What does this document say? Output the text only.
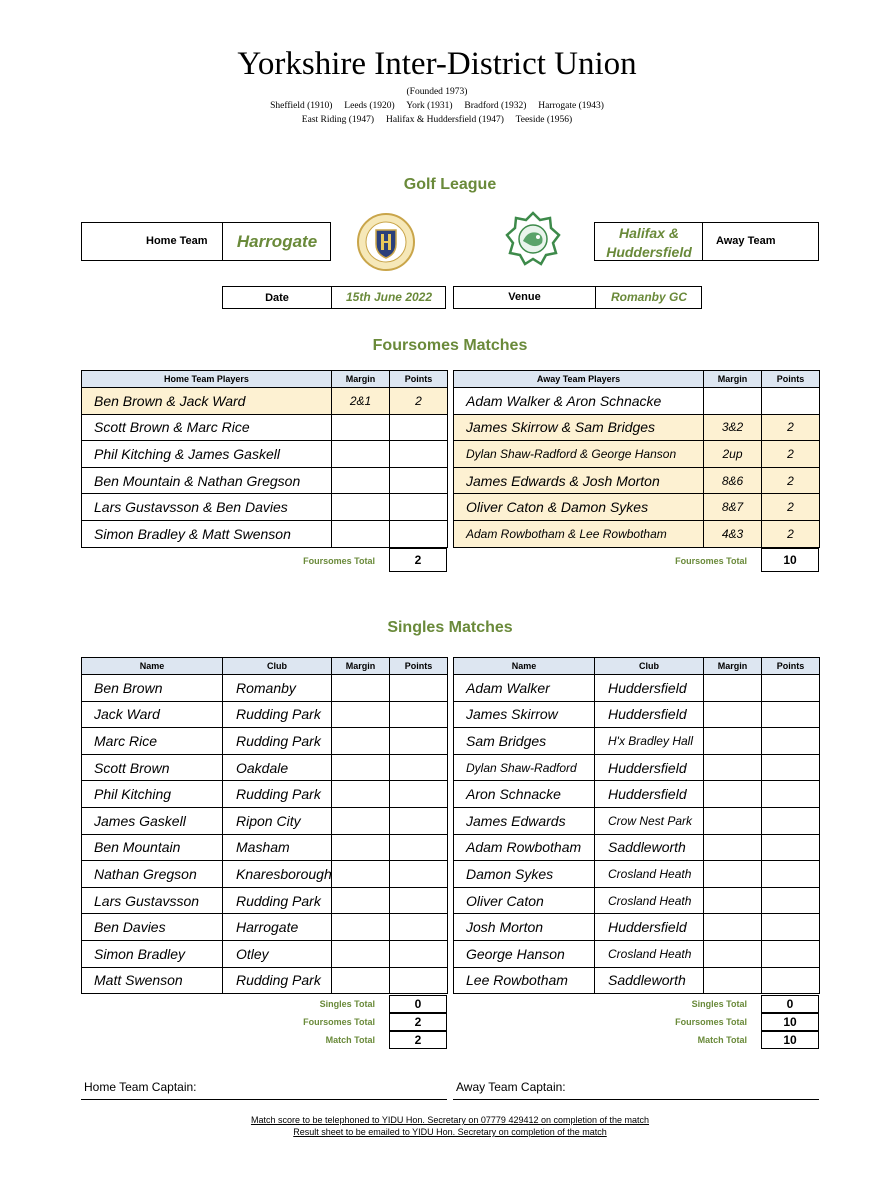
Yorkshire Inter-District Union
(Founded 1973)
Sheffield (1910)     Leeds (1920)     York (1931)     Bradford (1932)     Harrogate (1943)
East Riding (1947)     Halifax & Huddersfield (1947)     Teeside (1956)
Golf League
Home Team	Harrogate	Halifax &
Huddersfield
Away Team
Date	15th June 2022	Venue	Romanby GC
Foursomes Matches
Home Team Players	Margin	Points
Ben Brown & Jack Ward	2&1	2
Scott Brown & Marc Rice		
Phil Kitching & James Gaskell		
Ben Mountain & Nathan Gregson		
Lars Gustavsson & Ben Davies		
Simon Bradley & Matt Swenson		
Away Team Players	Margin	Points
Adam Walker & Aron Schnacke		
James Skirrow & Sam Bridges	3&2	2
Dylan Shaw-Radford & George Hanson	2up	2
James Edwards & Josh Morton	8&6	2
Oliver Caton & Damon Sykes	8&7	2
Adam Rowbotham & Lee Rowbotham	4&3	2
Foursomes Total	2	Foursomes Total	10
Singles Matches
Name	Club	Margin	Points
Ben Brown	Romanby		
Jack Ward	Rudding Park		
Marc Rice	Rudding Park		
Scott Brown	Oakdale		
Phil Kitching	Rudding Park		
James Gaskell	Ripon City		
Ben Mountain	Masham		
Nathan Gregson	Knaresborough		
Lars Gustavsson	Rudding Park		
Ben Davies	Harrogate		
Simon Bradley	Otley		
Matt Swenson	Rudding Park		
Name	Club	Margin	Points
Adam Walker	Huddersfield		
James Skirrow	Huddersfield		
Sam Bridges	H'x Bradley Hall		
Dylan Shaw-Radford	Huddersfield		
Aron Schnacke	Huddersfield		
James Edwards	Crow Nest Park		
Adam Rowbotham	Saddleworth		
Damon Sykes	Crosland Heath		
Oliver Caton	Crosland Heath		
Josh Morton	Huddersfield		
George Hanson	Crosland Heath		
Lee Rowbotham	Saddleworth		
Singles Total	0	Singles Total	0
Foursomes Total	2	Foursomes Total	10
Match Total	2	Match Total	10
Home Team Captain:	Away Team Captain:
Match score to be telephoned to YIDU Hon. Secretary on 07779 429412 on completion of the match
Result sheet to be emailed to YIDU Hon. Secretary on completion of the match
